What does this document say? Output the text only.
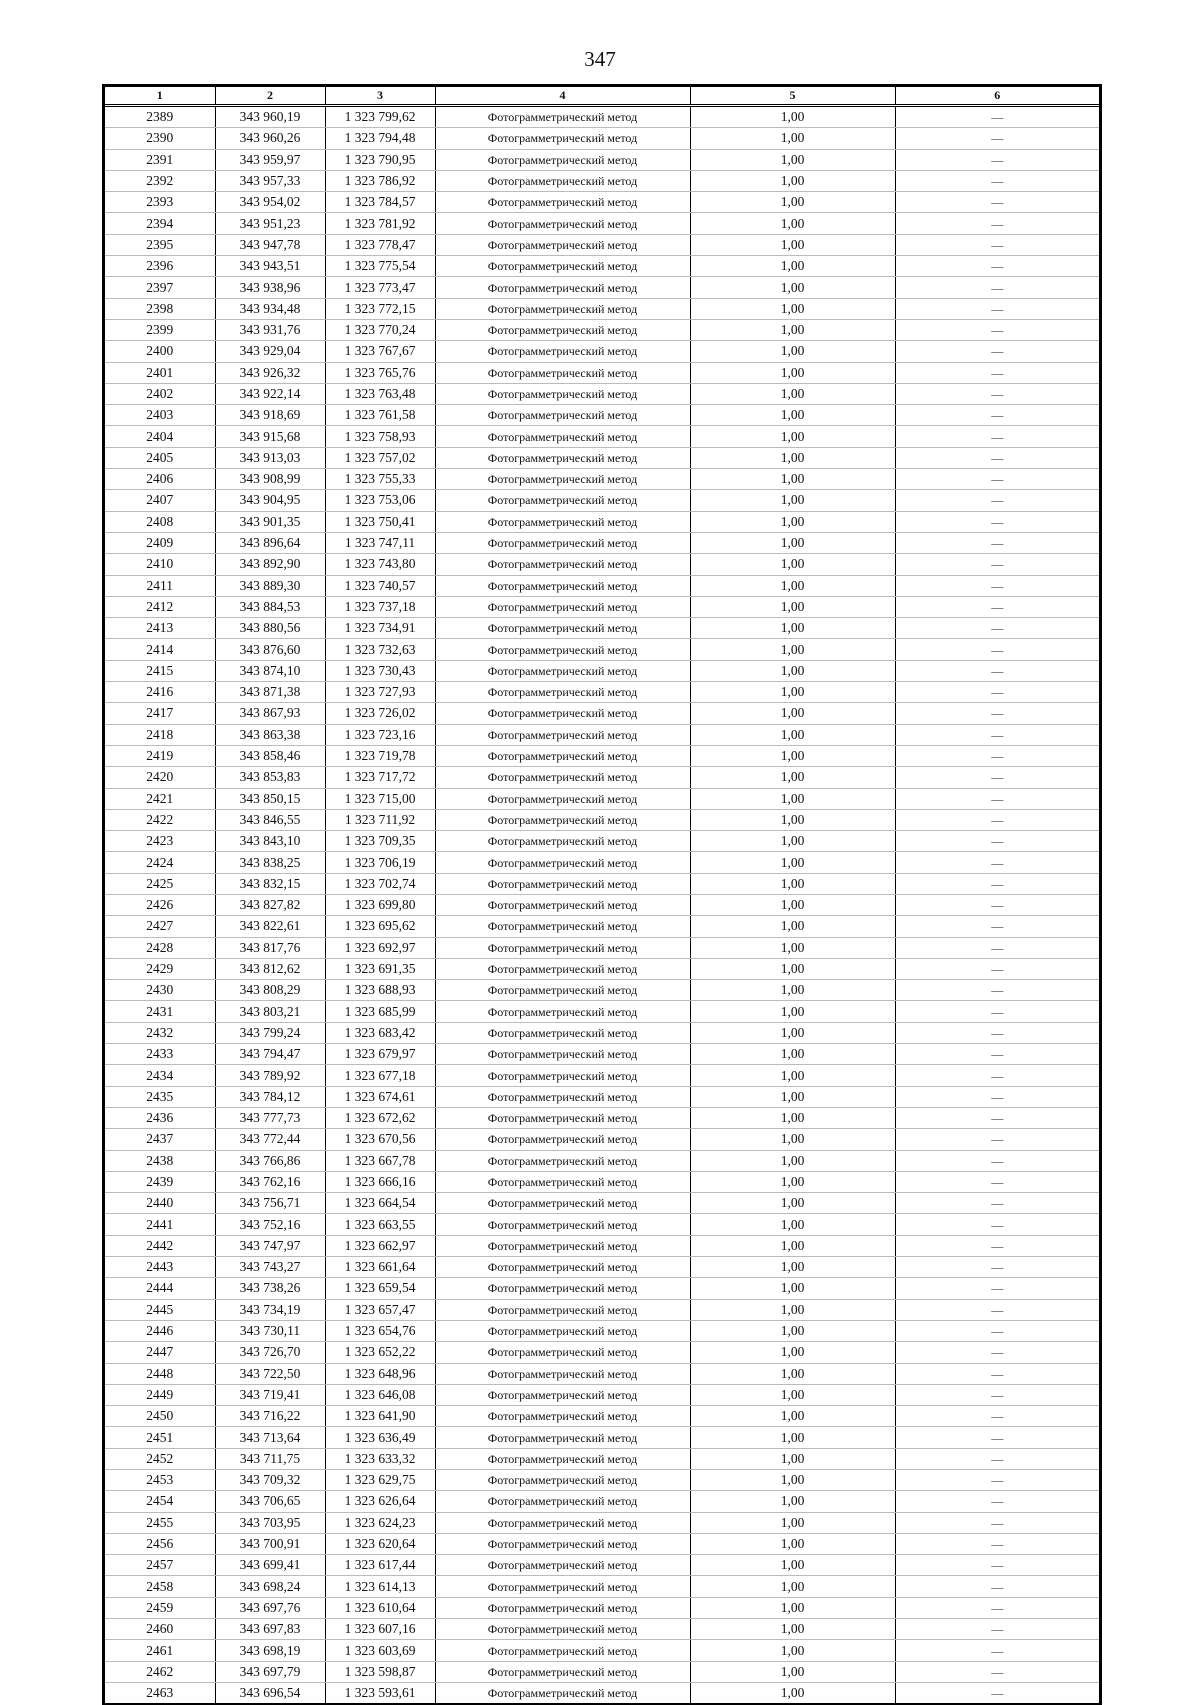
347
1	2	3	4	5	6
2389	343 960,19	1 323 799,62	Фотограмметрический метод	1,00	—
2390	343 960,26	1 323 794,48	Фотограмметрический метод	1,00	—
2391	343 959,97	1 323 790,95	Фотограмметрический метод	1,00	—
2392	343 957,33	1 323 786,92	Фотограмметрический метод	1,00	—
2393	343 954,02	1 323 784,57	Фотограмметрический метод	1,00	—
2394	343 951,23	1 323 781,92	Фотограмметрический метод	1,00	—
2395	343 947,78	1 323 778,47	Фотограмметрический метод	1,00	—
2396	343 943,51	1 323 775,54	Фотограмметрический метод	1,00	—
2397	343 938,96	1 323 773,47	Фотограмметрический метод	1,00	—
2398	343 934,48	1 323 772,15	Фотограмметрический метод	1,00	—
2399	343 931,76	1 323 770,24	Фотограмметрический метод	1,00	—
2400	343 929,04	1 323 767,67	Фотограмметрический метод	1,00	—
2401	343 926,32	1 323 765,76	Фотограмметрический метод	1,00	—
2402	343 922,14	1 323 763,48	Фотограмметрический метод	1,00	—
2403	343 918,69	1 323 761,58	Фотограмметрический метод	1,00	—
2404	343 915,68	1 323 758,93	Фотограмметрический метод	1,00	—
2405	343 913,03	1 323 757,02	Фотограмметрический метод	1,00	—
2406	343 908,99	1 323 755,33	Фотограмметрический метод	1,00	—
2407	343 904,95	1 323 753,06	Фотограмметрический метод	1,00	—
2408	343 901,35	1 323 750,41	Фотограмметрический метод	1,00	—
2409	343 896,64	1 323 747,11	Фотограмметрический метод	1,00	—
2410	343 892,90	1 323 743,80	Фотограмметрический метод	1,00	—
2411	343 889,30	1 323 740,57	Фотограмметрический метод	1,00	—
2412	343 884,53	1 323 737,18	Фотограмметрический метод	1,00	—
2413	343 880,56	1 323 734,91	Фотограмметрический метод	1,00	—
2414	343 876,60	1 323 732,63	Фотограмметрический метод	1,00	—
2415	343 874,10	1 323 730,43	Фотограмметрический метод	1,00	—
2416	343 871,38	1 323 727,93	Фотограмметрический метод	1,00	—
2417	343 867,93	1 323 726,02	Фотограмметрический метод	1,00	—
2418	343 863,38	1 323 723,16	Фотограмметрический метод	1,00	—
2419	343 858,46	1 323 719,78	Фотограмметрический метод	1,00	—
2420	343 853,83	1 323 717,72	Фотограмметрический метод	1,00	—
2421	343 850,15	1 323 715,00	Фотограмметрический метод	1,00	—
2422	343 846,55	1 323 711,92	Фотограмметрический метод	1,00	—
2423	343 843,10	1 323 709,35	Фотограмметрический метод	1,00	—
2424	343 838,25	1 323 706,19	Фотограмметрический метод	1,00	—
2425	343 832,15	1 323 702,74	Фотограмметрический метод	1,00	—
2426	343 827,82	1 323 699,80	Фотограмметрический метод	1,00	—
2427	343 822,61	1 323 695,62	Фотограмметрический метод	1,00	—
2428	343 817,76	1 323 692,97	Фотограмметрический метод	1,00	—
2429	343 812,62	1 323 691,35	Фотограмметрический метод	1,00	—
2430	343 808,29	1 323 688,93	Фотограмметрический метод	1,00	—
2431	343 803,21	1 323 685,99	Фотограмметрический метод	1,00	—
2432	343 799,24	1 323 683,42	Фотограмметрический метод	1,00	—
2433	343 794,47	1 323 679,97	Фотограмметрический метод	1,00	—
2434	343 789,92	1 323 677,18	Фотограмметрический метод	1,00	—
2435	343 784,12	1 323 674,61	Фотограмметрический метод	1,00	—
2436	343 777,73	1 323 672,62	Фотограмметрический метод	1,00	—
2437	343 772,44	1 323 670,56	Фотограмметрический метод	1,00	—
2438	343 766,86	1 323 667,78	Фотограмметрический метод	1,00	—
2439	343 762,16	1 323 666,16	Фотограмметрический метод	1,00	—
2440	343 756,71	1 323 664,54	Фотограмметрический метод	1,00	—
2441	343 752,16	1 323 663,55	Фотограмметрический метод	1,00	—
2442	343 747,97	1 323 662,97	Фотограмметрический метод	1,00	—
2443	343 743,27	1 323 661,64	Фотограмметрический метод	1,00	—
2444	343 738,26	1 323 659,54	Фотограмметрический метод	1,00	—
2445	343 734,19	1 323 657,47	Фотограмметрический метод	1,00	—
2446	343 730,11	1 323 654,76	Фотограмметрический метод	1,00	—
2447	343 726,70	1 323 652,22	Фотограмметрический метод	1,00	—
2448	343 722,50	1 323 648,96	Фотограмметрический метод	1,00	—
2449	343 719,41	1 323 646,08	Фотограмметрический метод	1,00	—
2450	343 716,22	1 323 641,90	Фотограмметрический метод	1,00	—
2451	343 713,64	1 323 636,49	Фотограмметрический метод	1,00	—
2452	343 711,75	1 323 633,32	Фотограмметрический метод	1,00	—
2453	343 709,32	1 323 629,75	Фотограмметрический метод	1,00	—
2454	343 706,65	1 323 626,64	Фотограмметрический метод	1,00	—
2455	343 703,95	1 323 624,23	Фотограмметрический метод	1,00	—
2456	343 700,91	1 323 620,64	Фотограмметрический метод	1,00	—
2457	343 699,41	1 323 617,44	Фотограмметрический метод	1,00	—
2458	343 698,24	1 323 614,13	Фотограмметрический метод	1,00	—
2459	343 697,76	1 323 610,64	Фотограмметрический метод	1,00	—
2460	343 697,83	1 323 607,16	Фотограмметрический метод	1,00	—
2461	343 698,19	1 323 603,69	Фотограмметрический метод	1,00	—
2462	343 697,79	1 323 598,87	Фотограмметрический метод	1,00	—
2463	343 696,54	1 323 593,61	Фотограмметрический метод	1,00	—
